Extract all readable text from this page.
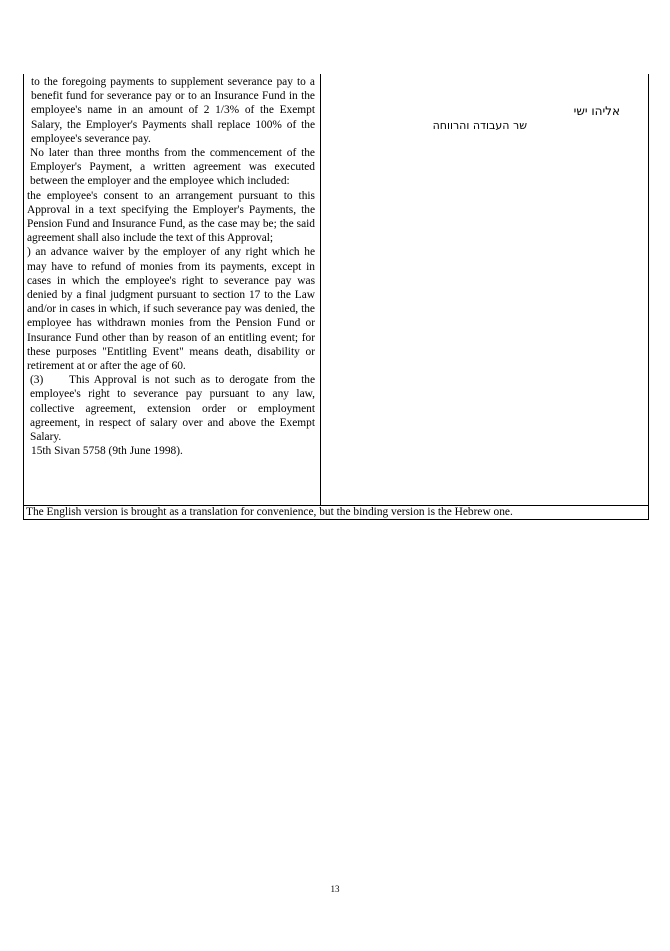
to the foregoing payments to supplement severance pay to a benefit fund for severance pay or to an Insurance Fund in the employee's name in an amount of 2 1/3% of the Exempt Salary, the Employer's Payments shall replace 100% of the employee's severance pay.

No later than three months from the commencement of the Employer's Payment, a written agreement was executed between the employer and the employee which included:

the employee's consent to an arrangement pursuant to this Approval in a text specifying the Employer's Payments, the Pension Fund and Insurance Fund, as the case may be; the said agreement shall also include the text of this Approval;

) an advance waiver by the employer of any right which he may have to refund of monies from its payments, except in cases in which the employee's right to severance pay was denied by a final judgment pursuant to section 17 to the Law and/or in cases in which, if such severance pay was denied, the employee has withdrawn monies from the Pension Fund or Insurance Fund other than by reason of an entitling event; for these purposes "Entitling Event" means death, disability or retirement at or after the age of 60.

(3) This Approval is not such as to derogate from the employee's right to severance pay pursuant to any law, collective agreement, extension order or employment agreement, in respect of salary over and above the Exempt Salary.

15th Sivan 5758 (9th June 1998).

אליהו ישי
שר העבודה והרווחה
The English version is brought as a translation for convenience, but the binding version is the Hebrew one.
13
